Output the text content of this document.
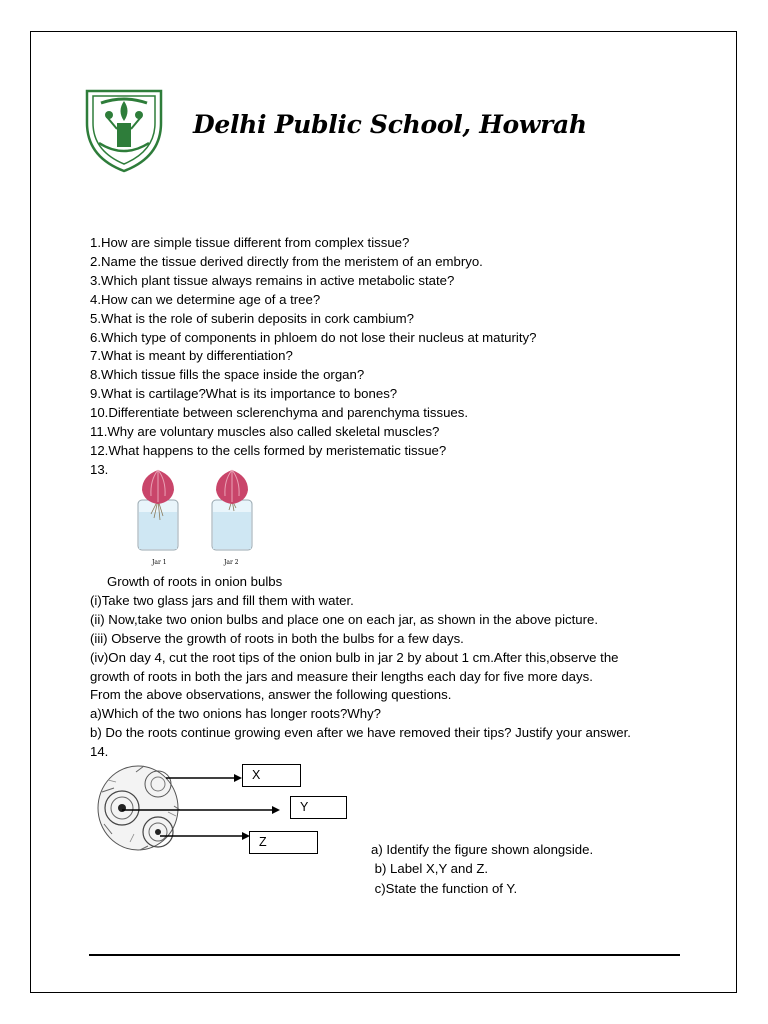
Delhi Public School, Howrah
1.How are simple tissue different from complex tissue?
2.Name the tissue derived directly from the meristem of an embryo.
3.Which plant tissue always remains in active metabolic state?
4.How can we determine age of a tree?
5.What is the role of suberin deposits in cork cambium?
6.Which type of components in phloem do not lose their nucleus at maturity?
7.What is meant by differentiation?
8.Which tissue fills the space inside the organ?
9.What is cartilage?What is its importance to bones?
10.Differentiate between sclerenchyma and parenchyma tissues.
11.Why are voluntary muscles also called skeletal muscles?
12.What happens to the cells formed by meristematic tissue?
13.
Jar 1	Jar 2
Growth of roots in onion bulbs
(i)Take two glass jars and fill them with water.
(ii) Now,take two onion bulbs and place one on each jar, as shown in the above picture.
(iii) Observe the growth of roots in both the bulbs for a few days.
(iv)On day 4, cut the root tips of the onion bulb in jar 2 by about 1 cm.After this,observe the
growth of roots in both the jars and measure their lengths each day for five more days.
From the above observations, answer the following questions.
a)Which of the two onions has longer roots?Why?
b) Do the roots continue growing even after we have removed their tips? Justify your answer.
14.
X
Y
Z	a) Identify the figure shown alongside.
b) Label X,Y and Z.
c)State the function of Y.
